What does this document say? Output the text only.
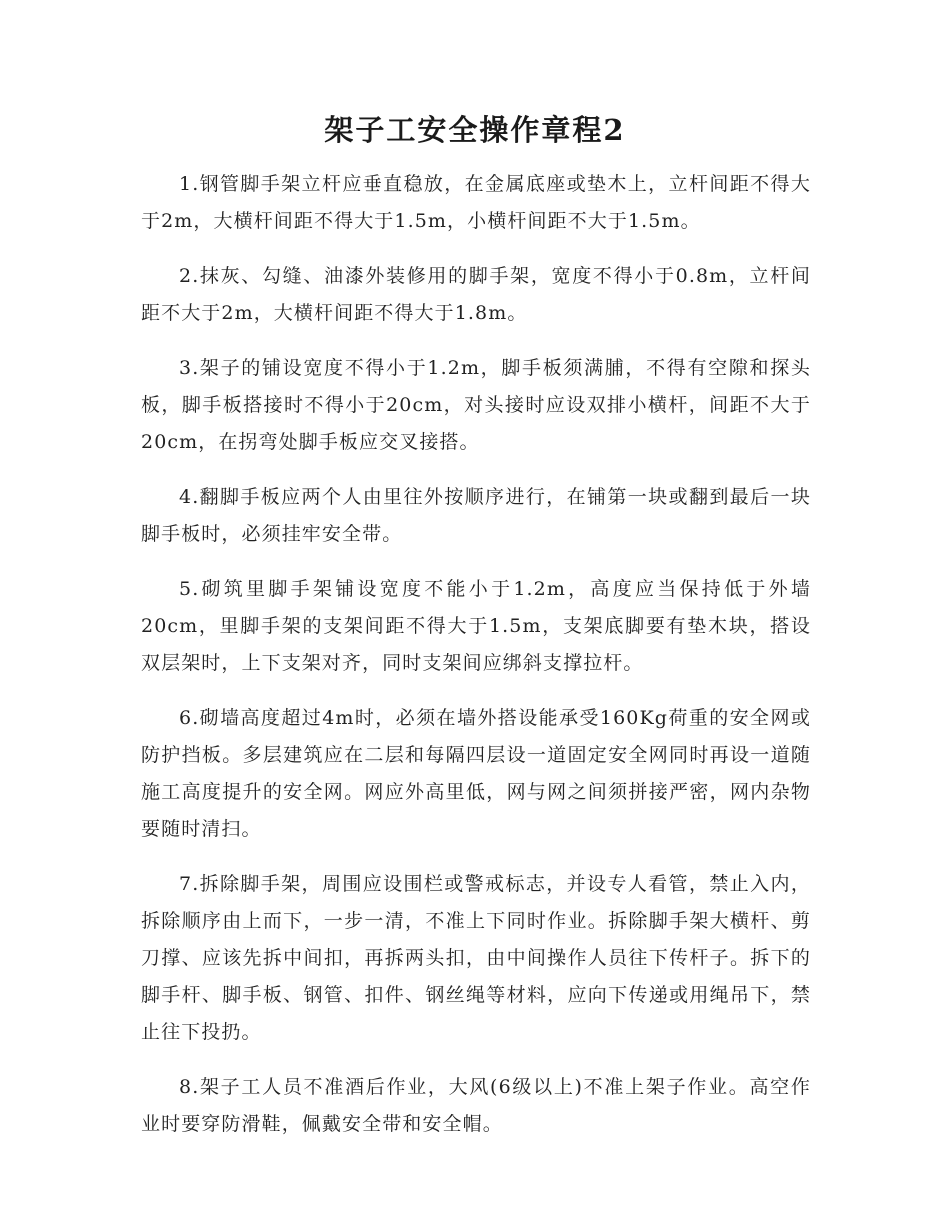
架子工安全操作章程2

1.钢管脚手架立杆应垂直稳放，在金属底座或垫木上，立杆间距不得大于2m，大横杆间距不得大于1.5m，小横杆间距不大于1.5m。

2.抹灰、勾缝、油漆外装修用的脚手架，宽度不得小于0.8m，立杆间距不大于2m，大横杆间距不得大于1.8m。

3.架子的铺设宽度不得小于1.2m，脚手板须满脯，不得有空隙和探头板，脚手板搭接时不得小于20cm，对头接时应设双排小横杆，间距不大于20cm，在拐弯处脚手板应交叉接搭。

4.翻脚手板应两个人由里往外按顺序进行，在铺第一块或翻到最后一块脚手板时，必须挂牢安全带。

5.砌筑里脚手架铺设宽度不能小于1.2m，高度应当保持低于外墙20cm，里脚手架的支架间距不得大于1.5m，支架底脚要有垫木块，搭设双层架时，上下支架对齐，同时支架间应绑斜支撑拉杆。

6.砌墙高度超过4m时，必须在墙外搭设能承受160Kg荷重的安全网或防护挡板。多层建筑应在二层和每隔四层设一道固定安全网同时再设一道随施工高度提升的安全网。网应外高里低，网与网之间须拼接严密，网内杂物要随时清扫。

7.拆除脚手架，周围应设围栏或警戒标志，并设专人看管，禁止入内，拆除顺序由上而下，一步一清，不准上下同时作业。拆除脚手架大横杆、剪刀撑、应该先拆中间扣，再拆两头扣，由中间操作人员往下传杆子。拆下的脚手杆、脚手板、钢管、扣件、钢丝绳等材料，应向下传递或用绳吊下，禁止往下投扔。

8.架子工人员不准酒后作业，大风(6级以上)不准上架子作业。高空作业时要穿防滑鞋，佩戴安全带和安全帽。
